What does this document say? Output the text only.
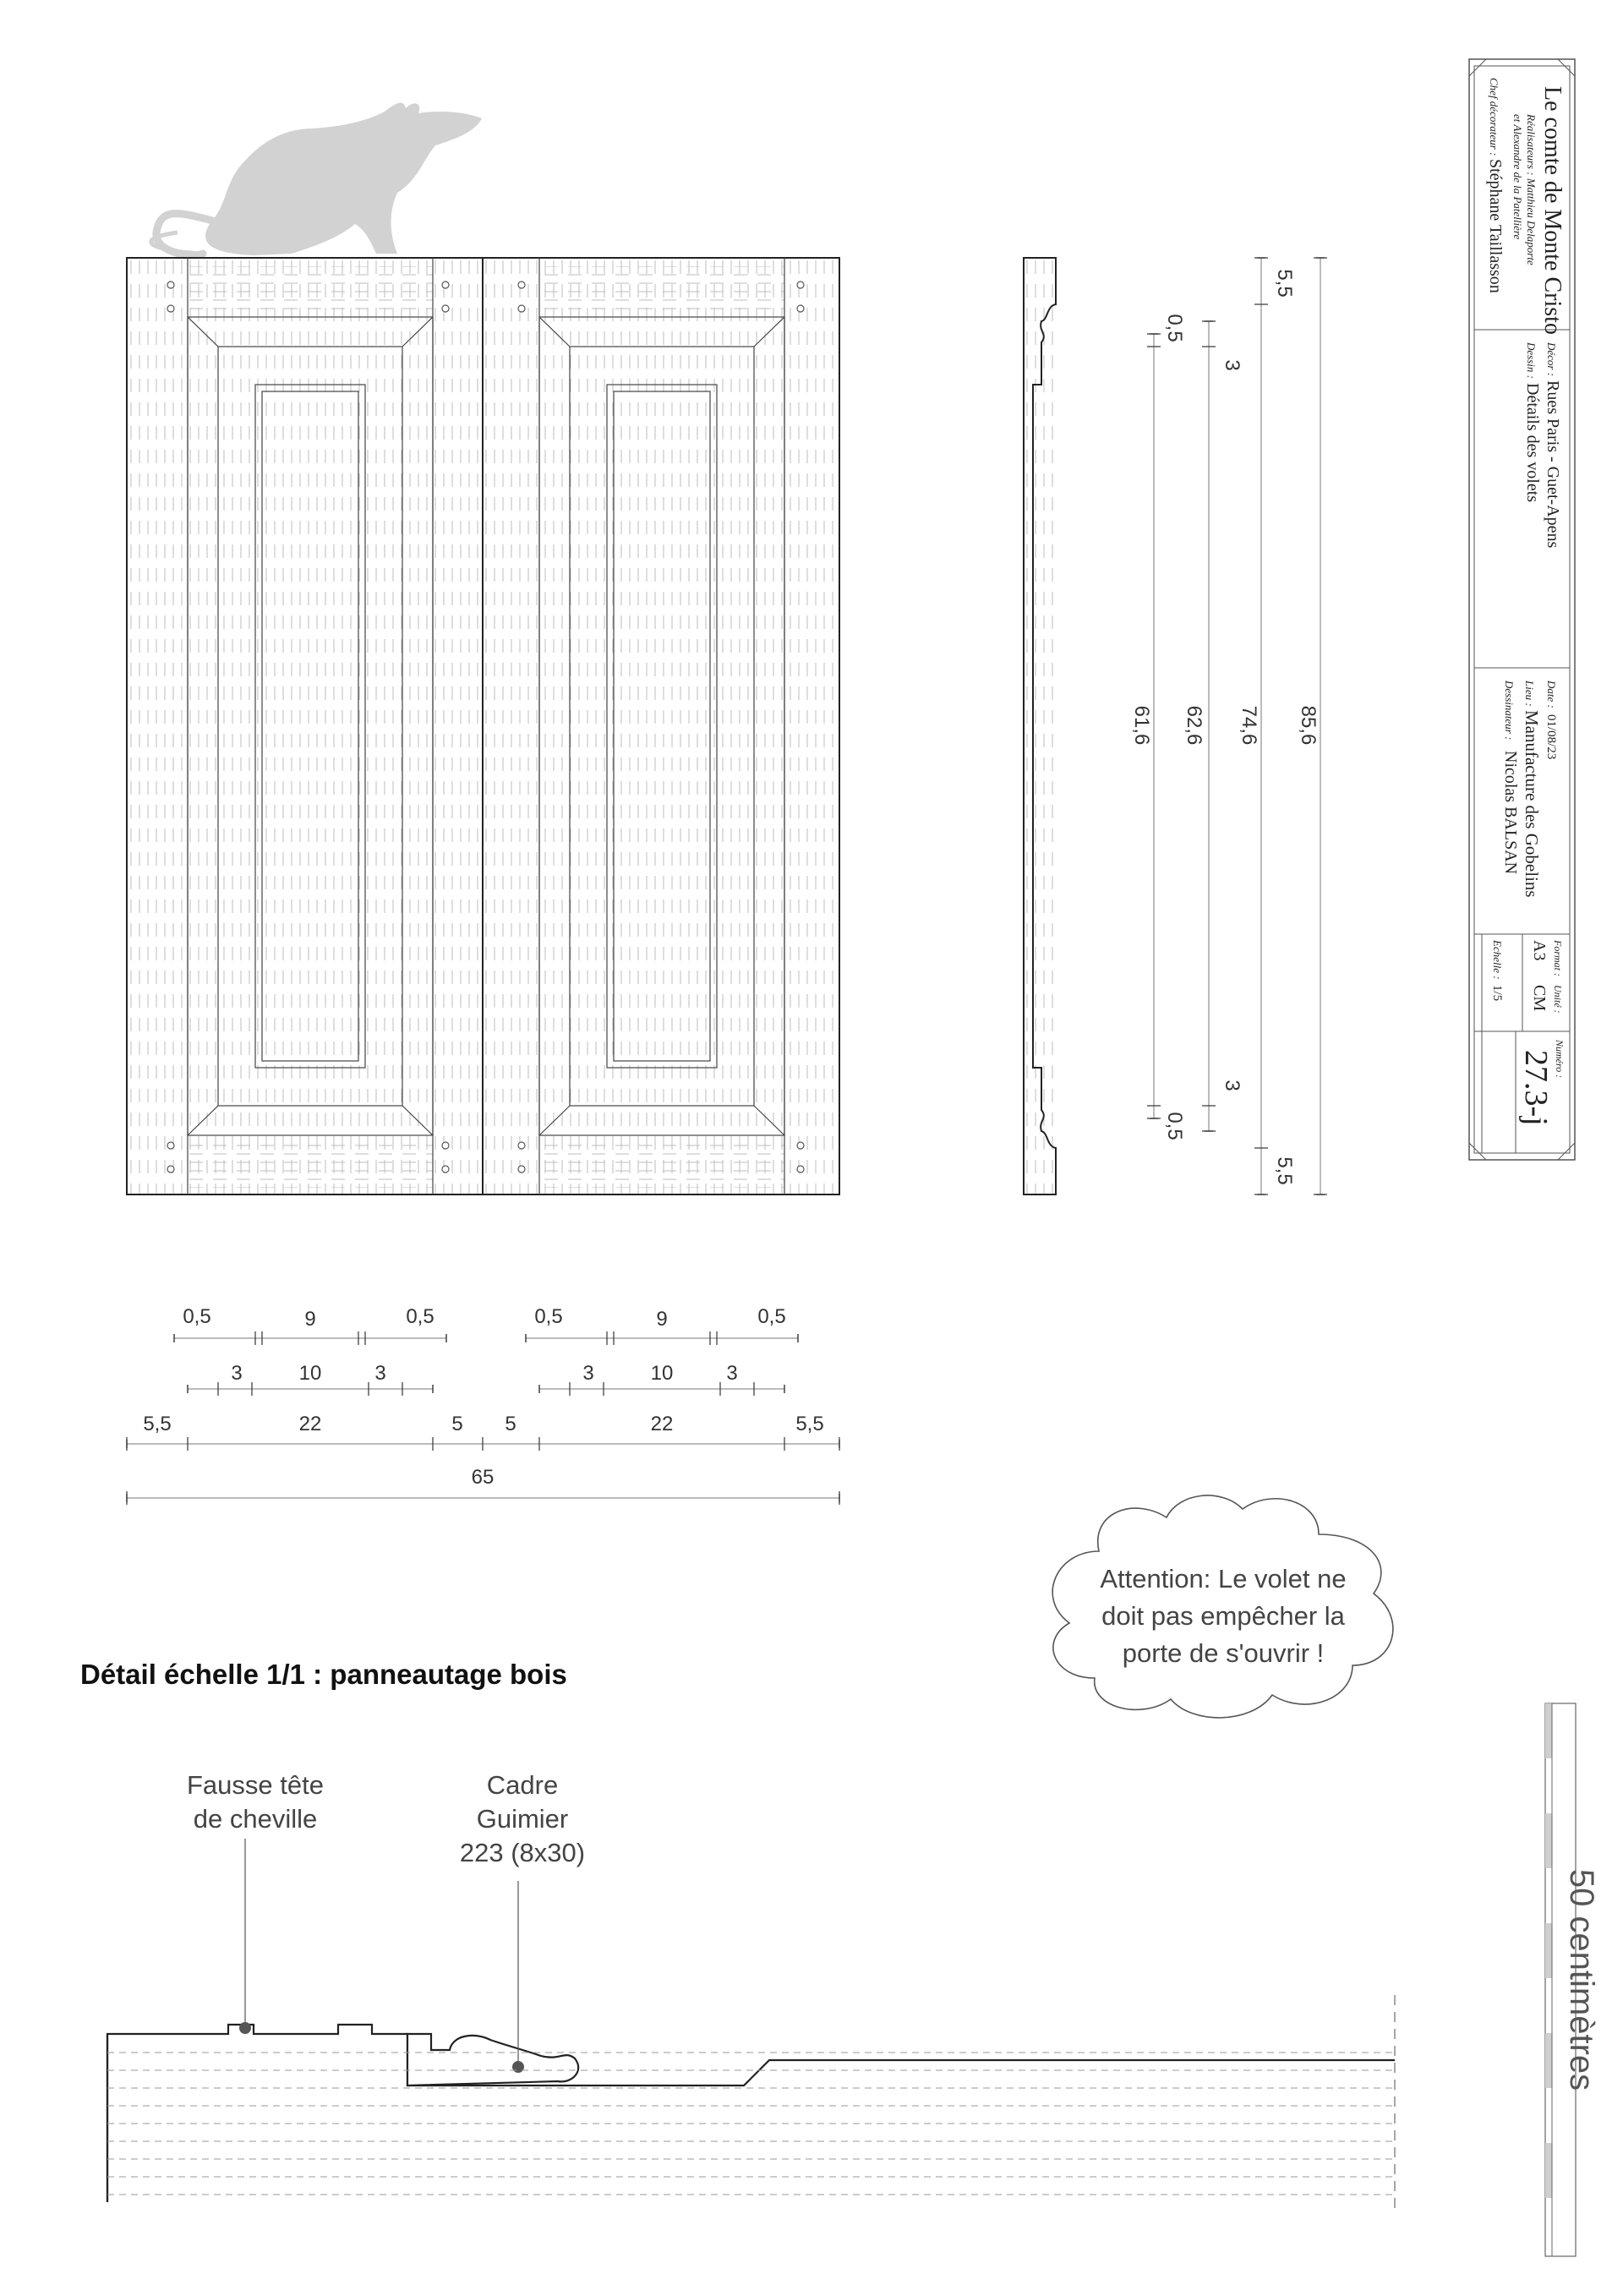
85,6
5,5
74,6
5,5
3
62,6
3
0,5
61,6
0,5
0,5	9	0,5
3	10	3
0,5	9	0,5
3	10	3
5,5	22	5 5	22	5,5
65
Le comte de Monte Cristo
Réalisateurs : Matthieu Delaporte
et Alexandre de la Patellière
Chef décorateur :
Stéphane Taillasson
Décor :
Rues Paris - Guet-Apens
Dessin :
Détails des volets
Date :
01/08/23
Lieu :
Manufacture des Gobelins
Dessinateur :
Nicolas BALSAN
Format :
A3
Unité :
CM
Echelle :
1/5
Numéro :
27.3-j
Attention: Le volet ne
doit pas empêcher la
porte de s'ouvrir !
Détail échelle 1/1 : panneautage bois
Fausse tête
de cheville
Cadre
Guimier
223 (8x30)
50 centimètres
